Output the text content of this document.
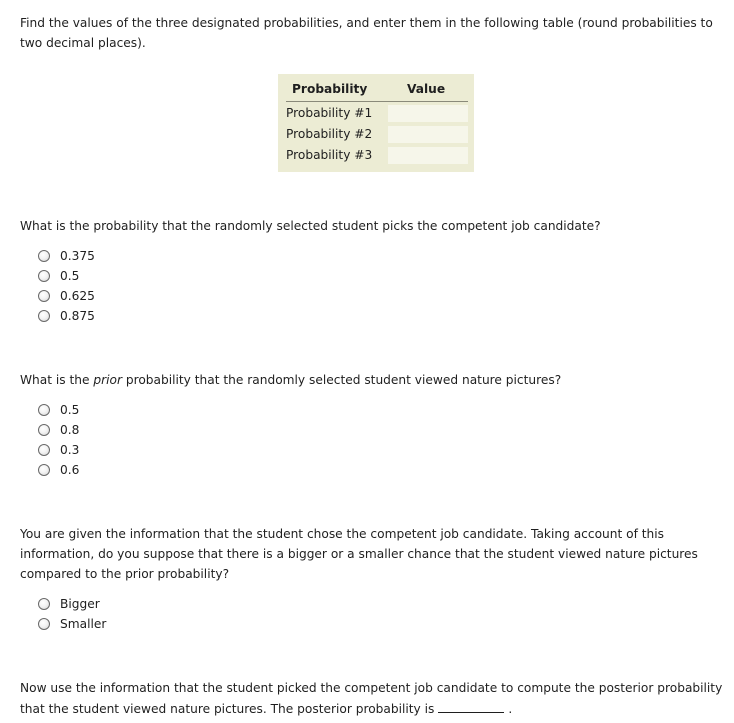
Find the values of the three designated probabilities, and enter them in the following table (round probabilities to two decimal places).

Probability	Value
Probability #1
Probability #2
Probability #3
What is the probability that the randomly selected student picks the competent job candidate?
0.375
0.5
0.625
0.875
What is the prior probability that the randomly selected student viewed nature pictures?
0.5
0.8
0.3
0.6
You are given the information that the student chose the competent job candidate. Taking account of this information, do you suppose that there is a bigger or a smaller chance that the student viewed nature pictures compared to the prior probability?
Bigger
Smaller
Now use the information that the student picked the competent job candidate to compute the posterior probability that the student viewed nature pictures. The posterior probability is	.
